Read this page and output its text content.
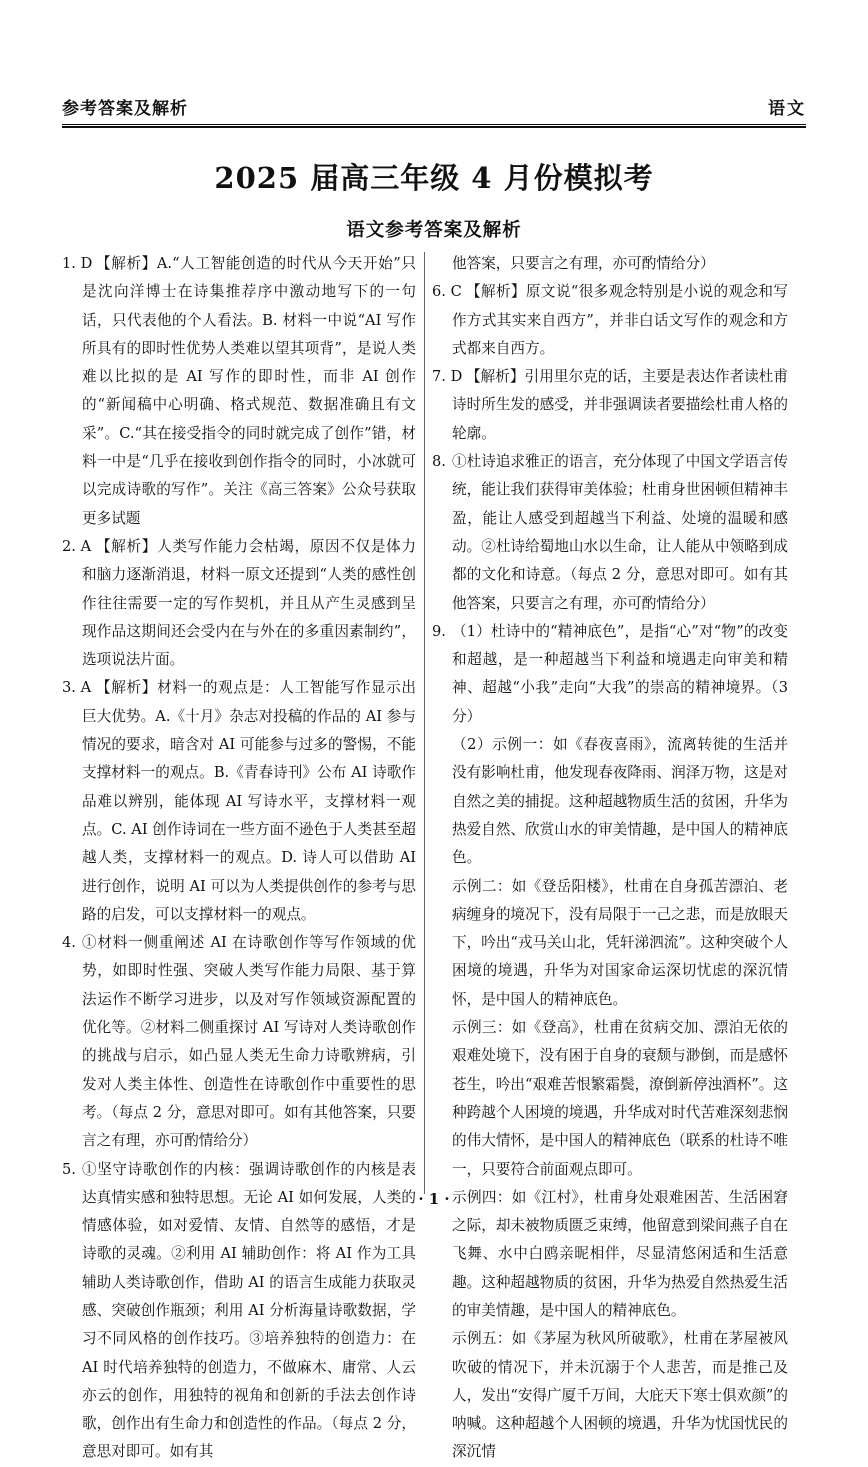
参考答案及解析	语文
2025 届高三年级 4 月份模拟考
语文参考答案及解析
1. D 【解析】A.“人工智能创造的时代从今天开始”只是沈向洋博士在诗集推荐序中激动地写下的一句话，只代表他的个人看法。B. 材料一中说“AI 写作所具有的即时性优势人类难以望其项背”，是说人类难以比拟的是 AI 写作的即时性，而非 AI 创作的“新闻稿中心明确、格式规范、数据准确且有文采”。C.“其在接受指令的同时就完成了创作”错，材料一中是“几乎在接收到创作指令的同时，小冰就可以完成诗歌的写作”。关注《高三答案》公众号获取更多试题
2. A 【解析】人类写作能力会枯竭，原因不仅是体力和脑力逐渐消退，材料一原文还提到“人类的感性创作往往需要一定的写作契机，并且从产生灵感到呈现作品这期间还会受内在与外在的多重因素制约”，选项说法片面。
3. A 【解析】材料一的观点是：人工智能写作显示出巨大优势。A.《十月》杂志对投稿的作品的 AI 参与情况的要求，暗含对 AI 可能参与过多的警惕，不能支撑材料一的观点。B.《青春诗刊》公布 AI 诗歌作品难以辨别，能体现 AI 写诗水平，支撑材料一观点。C. AI 创作诗词在一些方面不逊色于人类甚至超越人类，支撑材料一的观点。D. 诗人可以借助 AI 进行创作，说明 AI 可以为人类提供创作的参考与思路的启发，可以支撑材料一的观点。
4. ①材料一侧重阐述 AI 在诗歌创作等写作领域的优势，如即时性强、突破人类写作能力局限、基于算法运作不断学习进步，以及对写作领域资源配置的优化等。②材料二侧重探讨 AI 写诗对人类诗歌创作的挑战与启示，如凸显人类无生命力诗歌辨病，引发对人类主体性、创造性在诗歌创作中重要性的思考。（每点 2 分，意思对即可。如有其他答案，只要言之有理，亦可酌情给分）
5. ①坚守诗歌创作的内核：强调诗歌创作的内核是表达真情实感和独特思想。无论 AI 如何发展，人类的情感体验，如对爱情、友情、自然等的感悟，才是诗歌的灵魂。②利用 AI 辅助创作：将 AI 作为工具辅助人类诗歌创作，借助 AI 的语言生成能力获取灵感、突破创作瓶颈；利用 AI 分析海量诗歌数据，学习不同风格的创作技巧。③培养独特的创造力：在 AI 时代培养独特的创造力，不做麻木、庸常、人云亦云的创作，用独特的视角和创新的手法去创作诗歌，创作出有生命力和创造性的作品。（每点 2 分，意思对即可。如有其

他答案，只要言之有理，亦可酌情给分）

6. C 【解析】原文说“很多观念特别是小说的观念和写作方式其实来自西方”，并非白话文写作的观念和方式都来自西方。
7. D 【解析】引用里尔克的话，主要是表达作者读杜甫诗时所生发的感受，并非强调读者要描绘杜甫人格的轮廓。
8. ①杜诗追求雅正的语言，充分体现了中国文学语言传统，能让我们获得审美体验；杜甫身世困顿但精神丰盈，能让人感受到超越当下利益、处境的温暖和感动。②杜诗给蜀地山水以生命，让人能从中领略到成都的文化和诗意。（每点 2 分，意思对即可。如有其他答案，只要言之有理，亦可酌情给分）
9. （1）杜诗中的“精神底色”，是指“心”对“物”的改变和超越，是一种超越当下利益和境遇走向审美和精神、超越“小我”走向“大我”的崇高的精神境界。（3 分）

（2）示例一：如《春夜喜雨》，流离转徙的生活并没有影响杜甫，他发现春夜降雨、润泽万物，这是对自然之美的捕捉。这种超越物质生活的贫困，升华为热爱自然、欣赏山水的审美情趣，是中国人的精神底色。

示例二：如《登岳阳楼》，杜甫在自身孤苦漂泊、老病缠身的境况下，没有局限于一己之悲，而是放眼天下，吟出“戎马关山北，凭轩涕泗流”。这种突破个人困境的境遇，升华为对国家命运深切忧虑的深沉情怀，是中国人的精神底色。

示例三：如《登高》，杜甫在贫病交加、漂泊无依的艰难处境下，没有困于自身的衰颓与渺倒，而是感怀苍生，吟出“艰难苦恨繁霜鬓，潦倒新停浊酒杯”。这种跨越个人困境的境遇，升华成对时代苦难深刻悲悯的伟大情怀，是中国人的精神底色（联系的杜诗不唯一，只要符合前面观点即可。

示例四：如《江村》，杜甫身处艰难困苦、生活困窘之际，却未被物质匮乏束缚，他留意到梁间燕子自在飞舞、水中白鸥亲昵相伴，尽显清悠闲适和生活意趣。这种超越物质的贫困，升华为热爱自然热爱生活的审美情趣，是中国人的精神底色。

示例五：如《茅屋为秋风所破歌》，杜甫在茅屋被风吹破的情况下，并未沉溺于个人悲苦，而是推己及人，发出“安得广厦千万间，大庇天下寒士俱欢颜”的呐喊。这种超越个人困顿的境遇，升华为忧国忧民的深沉情

· 1 ·
